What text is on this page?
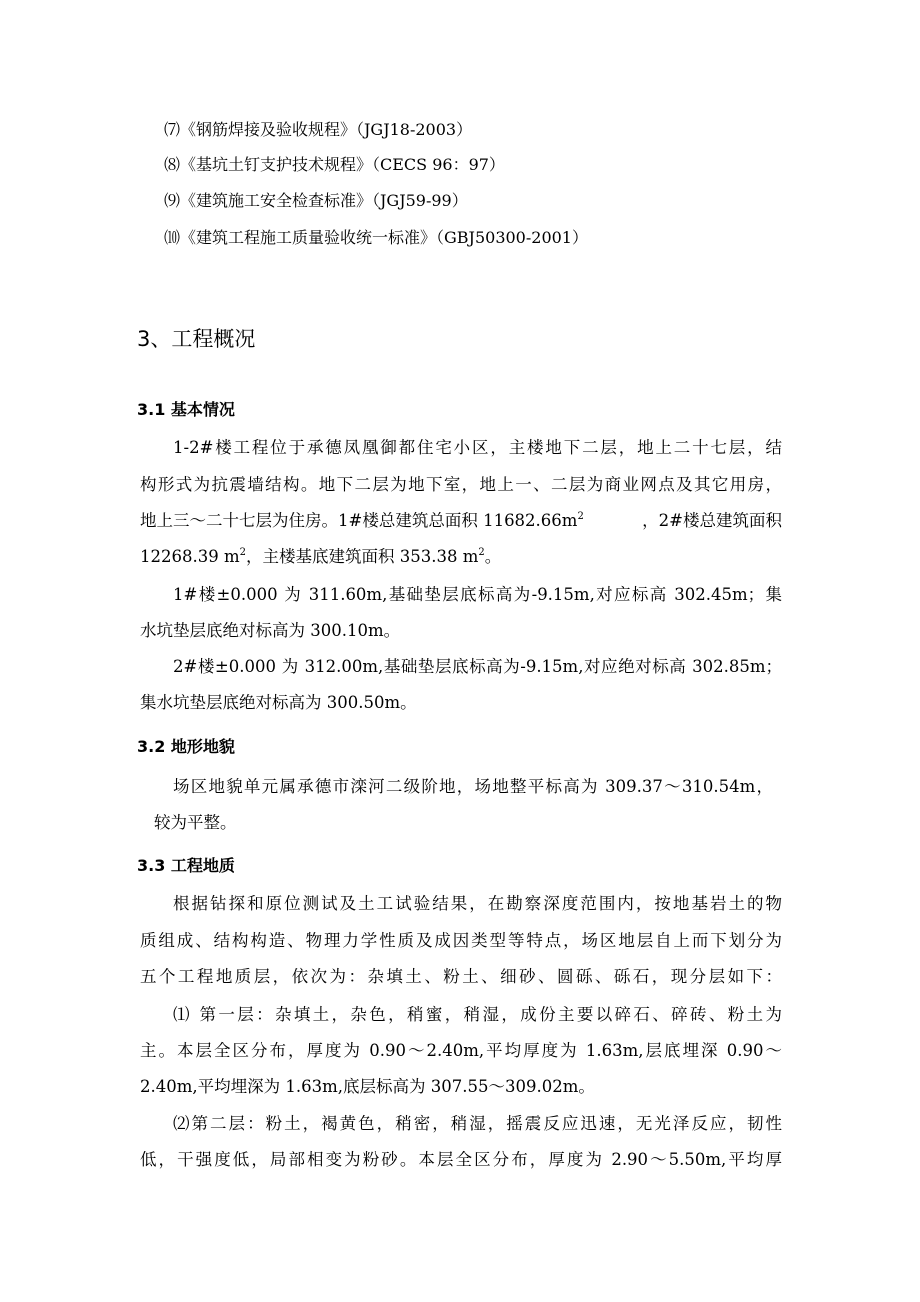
⑺《钢筋焊接及验收规程》（JGJ18-2003）
⑻《基坑土钉支护技术规程》（CECS 96：97）
⑼《建筑施工安全检查标准》（JGJ59-99）
⑽《建筑工程施工质量验收统一标准》（GBJ50300-2001）
3、工程概况
3.1 基本情况
1-2#楼工程位于承德凤凰御都住宅小区，主楼地下二层，地上二十七层，结
构形式为抗震墙结构。地下二层为地下室，地上一、二层为商业网点及其它用房，
地上三～二十七层为住房。1#楼总建筑总面积 $11682.66m^2$	，2#楼总建筑面积
12268.39 $m^2$，主楼基底建筑面积 353.38 $m^2$。
1#楼±0.000 为 311.60m,基础垫层底标高为-9.15m,对应标高 302.45m；集
水坑垫层底绝对标高为 300.10m。
2#楼±0.000 为 312.00m,基础垫层底标高为-9.15m,对应绝对标高 302.85m；
集水坑垫层底绝对标高为 300.50m。
3.2 地形地貌
场区地貌单元属承德市滦河二级阶地，场地整平标高为 309.37～310.54m，
较为平整。
3.3 工程地质
根据钻探和原位测试及土工试验结果，在勘察深度范围内，按地基岩土的物
质组成、结构构造、物理力学性质及成因类型等特点，场区地层自上而下划分为
五个工程地质层，依次为：杂填土、粉土、细砂、圆砾、砾石，现分层如下：
⑴ 第一层：杂填土，杂色，稍蜜，稍湿，成份主要以碎石、碎砖、粉土为
主。本层全区分布，厚度为 0.90～2.40m,平均厚度为 1.63m,层底埋深 0.90～
2.40m,平均埋深为 1.63m,底层标高为 307.55～309.02m。
⑵第二层：粉土，褐黄色，稍密，稍湿，摇震反应迅速，无光泽反应，韧性
低，干强度低，局部相变为粉砂。本层全区分布，厚度为 2.90～5.50m,平均厚
